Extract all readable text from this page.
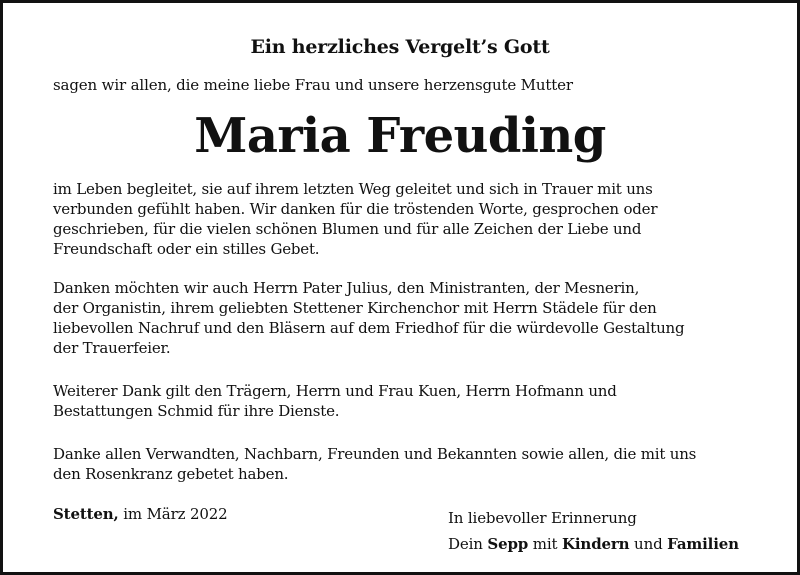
Ein herzliches Vergelt’s Gott
sagen wir allen, die meine liebe Frau und unsere herzensgute Mutter
Maria Freuding
im Leben begleitet, sie auf ihrem letzten Weg geleitet und sich in Trauer mit uns
verbunden gefühlt haben. Wir danken für die tröstenden Worte, gesprochen oder
geschrieben, für die vielen schönen Blumen und für alle Zeichen der Liebe und
Freundschaft oder ein stilles Gebet.
Danken möchten wir auch Herrn Pater Julius, den Ministranten, der Mesnerin,
der Organistin, ihrem geliebten Stettener Kirchenchor mit Herrn Städele für den
liebevollen Nachruf und den Bläsern auf dem Friedhof für die würdevolle Gestaltung
der Trauerfeier.
Weiterer Dank gilt den Trägern, Herrn und Frau Kuen, Herrn Hofmann und
Bestattungen Schmid für ihre Dienste.
Danke allen Verwandten, Nachbarn, Freunden und Bekannten sowie allen, die mit uns
den Rosenkranz gebetet haben.
Stetten, im März 2022	In liebevoller Erinnerung
Dein Sepp mit Kindern und Familien
